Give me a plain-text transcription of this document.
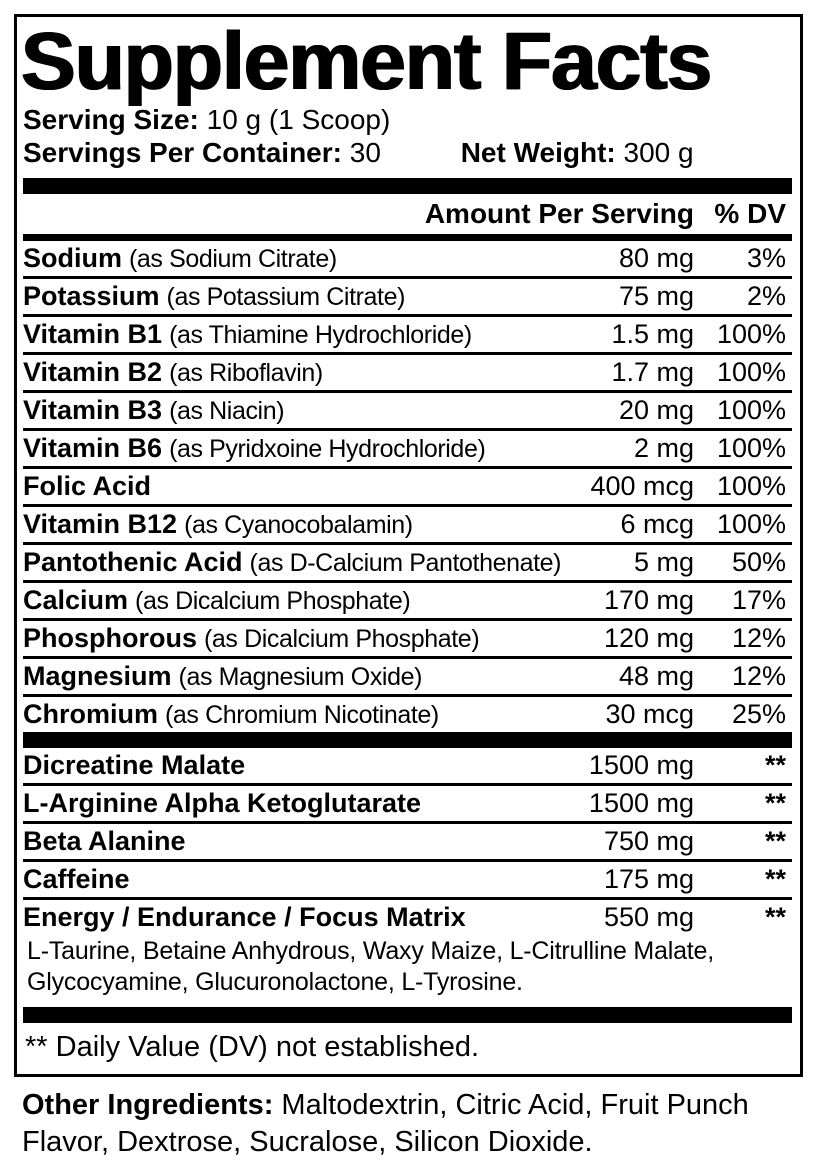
Supplement Facts
Serving Size: 10 g (1 Scoop)
Servings Per Container: 30	Net Weight: 300 g
Amount Per Serving % DV
Sodium (as Sodium Citrate)	80 mg	3%
Potassium (as Potassium Citrate)	75 mg	2%
Vitamin B1 (as Thiamine Hydrochloride)	1.5 mg 100%
Vitamin B2 (as Riboflavin)	1.7 mg 100%
Vitamin B3 (as Niacin)	20 mg 100%
Vitamin B6 (as Pyridxoine Hydrochloride)	2 mg 100%
Folic Acid	400 mcg 100%
Vitamin B12 (as Cyanocobalamin)	6 mcg 100%
Pantothenic Acid (as D-Calcium Pantothenate)	5 mg	50%
Calcium (as Dicalcium Phosphate)	170 mg	17%
Phosphorous (as Dicalcium Phosphate)	120 mg	12%
Magnesium (as Magnesium Oxide)	48 mg	12%
Chromium (as Chromium Nicotinate)	30 mcg	25%
Dicreatine Malate	1500 mg	**
L-Arginine Alpha Ketoglutarate	1500 mg	**
Beta Alanine	750 mg	**
Caffeine	175 mg	**
Energy / Endurance / Focus Matrix	550 mg	**
L-Taurine, Betaine Anhydrous, Waxy Maize, L-Citrulline Malate, Glycocyamine, Glucuronolactone, L-Tyrosine.
** Daily Value (DV) not established.
Other Ingredients: Maltodextrin, Citric Acid, Fruit Punch Flavor, Dextrose, Sucralose, Silicon Dioxide.
